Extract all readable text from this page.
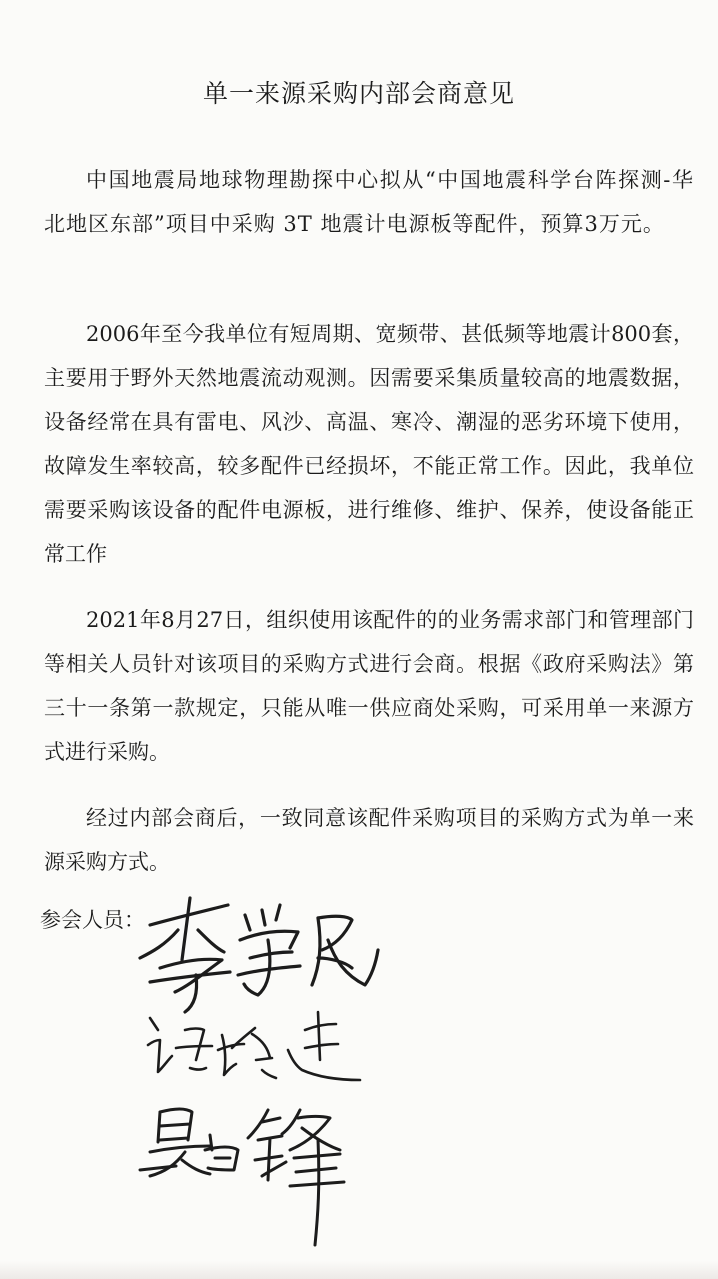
单一来源采购内部会商意见
中国地震局地球物理勘探中心拟从“中国地震科学台阵探测-华北地区东部”项目中采购 3T 地震计电源板等配件，预算3万元。
2006年至今我单位有短周期、宽频带、甚低频等地震计800套，主要用于野外天然地震流动观测。因需要采集质量较高的地震数据，设备经常在具有雷电、风沙、高温、寒冷、潮湿的恶劣环境下使用，故障发生率较高，较多配件已经损坏，不能正常工作。因此，我单位需要采购该设备的配件电源板，进行维修、维护、保养，使设备能正常工作
2021年8月27日，组织使用该配件的的业务需求部门和管理部门等相关人员针对该项目的采购方式进行会商。根据《政府采购法》第三十一条第一款规定，只能从唯一供应商处采购，可采用单一来源方式进行采购。
经过内部会商后，一致同意该配件采购项目的采购方式为单一来源采购方式。
参会人员：
